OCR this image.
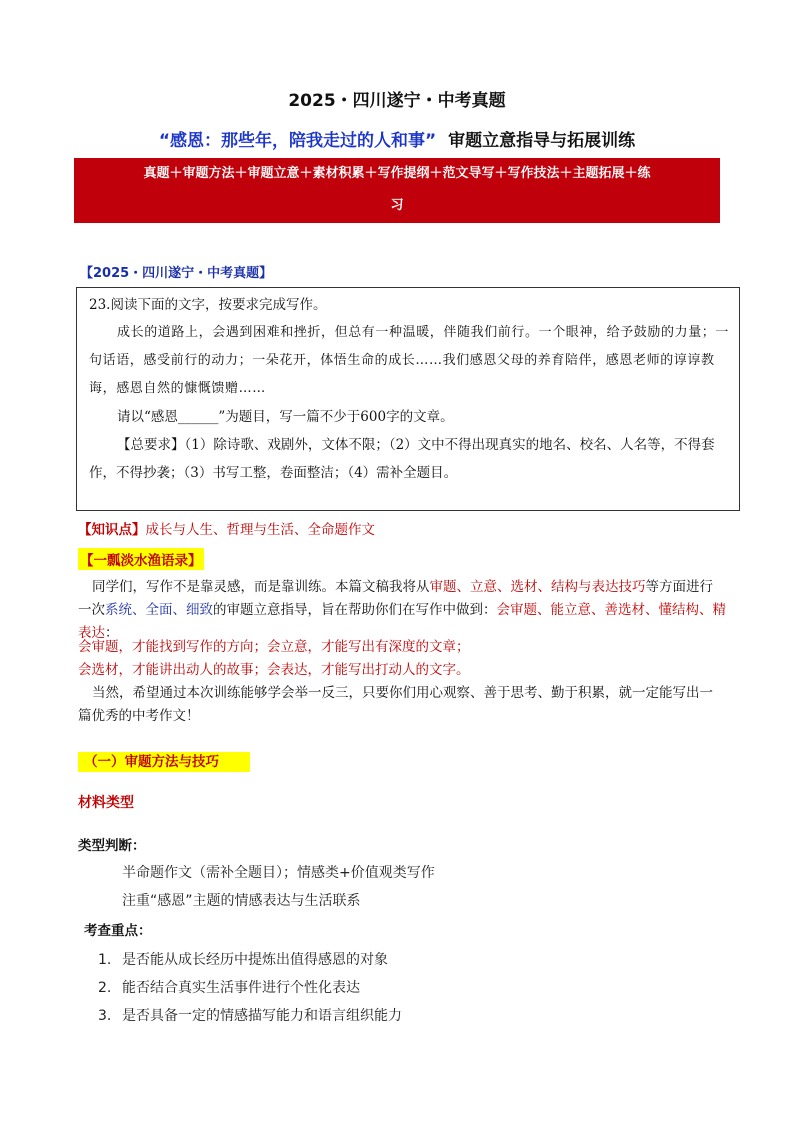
2025・四川遂宁・中考真题
“感恩：那些年，陪我走过的人和事” 审题立意指导与拓展训练
真题＋审题方法＋审题立意＋素材积累＋写作提纲＋范文导写＋写作技法＋主题拓展＋练
习
【2025・四川遂宁・中考真题】

23.阅读下面的文字，按要求完成写作。

成长的道路上，会遇到困难和挫折，但总有一种温暖，伴随我们前行。一个眼神，给予鼓励的力量；一句话语，感受前行的动力；一朵花开，体悟生命的成长……我们感恩父母的养育陪伴，感恩老师的谆谆教诲，感恩自然的慷慨馈赠……

请以“感恩______”为题目，写一篇不少于600字的文章。

【总要求】（1）除诗歌、戏剧外，文体不限；（2）文中不得出现真实的地名、校名、人名等，不得套作，不得抄袭；（3）书写工整，卷面整洁；（4）需补全题目。

【知识点】成长与人生、哲理与生活、全命题作文
【一瓢淡水渔语录】
同学们，写作不是靠灵感，而是靠训练。本篇文稿我将从审题、立意、选材、结构与表达技巧等方面进行一次系统、全面、细致的审题立意指导，旨在帮助你们在写作中做到：会审题、能立意、善选材、懂结构、精表达：
会审题，才能找到写作的方向；会立意，才能写出有深度的文章；
会选材，才能讲出动人的故事；会表达，才能写出打动人的文字。
当然，希望通过本次训练能够学会举一反三，只要你们用心观察、善于思考、勤于积累，就一定能写出一篇优秀的中考作文！
（一）审题方法与技巧
材料类型
类型判断：
半命题作文（需补全题目）；情感类+价值观类写作
注重“感恩”主题的情感表达与生活联系
考查重点：
1. 是否能从成长经历中提炼出值得感恩的对象
2. 能否结合真实生活事件进行个性化表达
3. 是否具备一定的情感描写能力和语言组织能力
